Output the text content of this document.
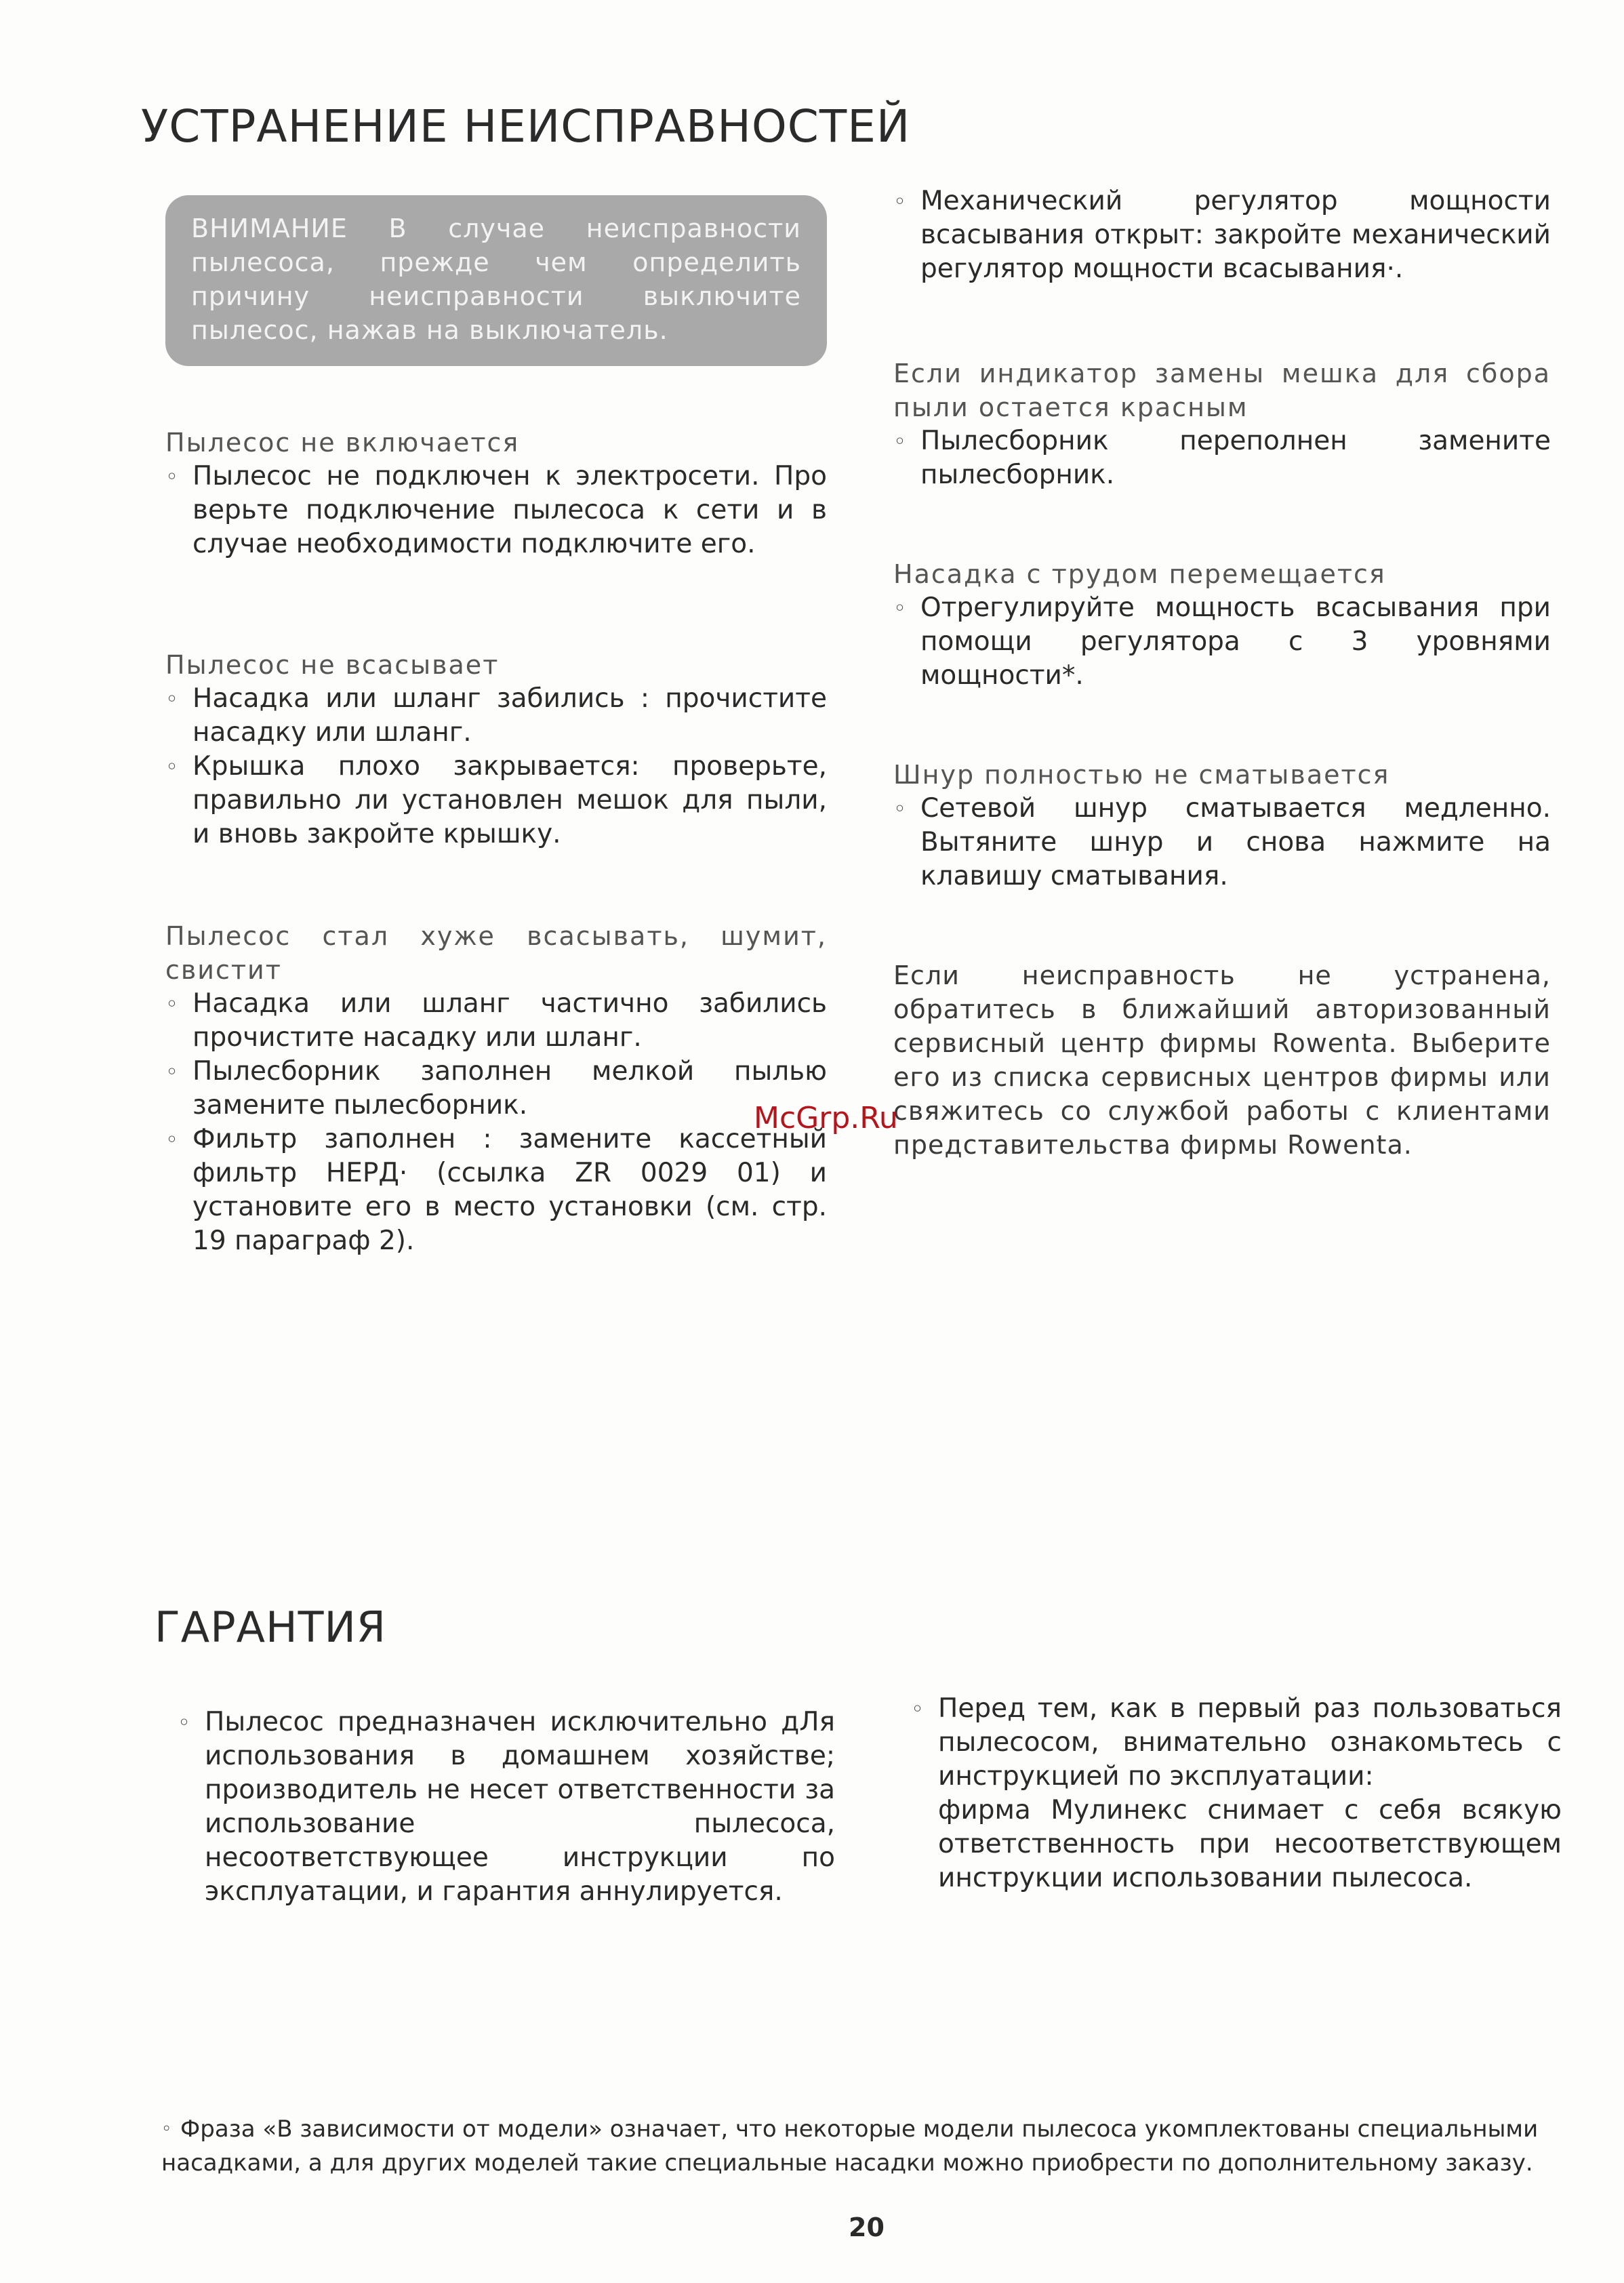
УСТРАНЕНИЕ НЕИСПРАВНОСТЕЙ
ВНИМАНИЕ В случае неисправности пылесоса, прежде чем определить причину неисправности выключите пылесос, нажав на выключатель.
Пылесос не включается
◦ Пылесос не подключен к электросети. Про верьте подключение пылесоса к сети и в случае необходимости подключите его.
Пылесос не всасывает
◦ Насадка или шланг забились : прочистите насадку или шланг.
◦ Крышка плохо закрывается: проверьте, правильно ли установлен мешок для пыли, и вновь закройте крышку.
Пылесос стал хуже всасывать, шумит, свистит
◦ Насадка или шланг частично забились прочистите насадку или шланг.
◦ Пылесборник заполнен мелкой пылью замените пылесборник.
◦ Фильтр заполнен : замените кассетный фильтр НЕРД· (ссылка ZR 0029 01) и установите его в место установки (см. стр. 19 параграф 2).
◦ Механический регулятор мощности всасывания открыт: закройте механический регулятор мощности всасывания·.
Если индикатор замены мешка для сбора пыли остается красным
◦ Пылесборник переполнен замените пылесборник.
Насадка с трудом перемещается
◦ Отрегулируйте мощность всасывания при помощи регулятора с 3 уровнями мощности*.
Шнур полностью не сматывается
◦ Сетевой шнур сматывается медленно. Вытяните шнур и снова нажмите на клавишу сматывания.
Если неисправность не устранена, обратитесь в ближайший авторизованный сервисный центр фирмы Rowenta. Выберите его из списка сервисных центров фирмы или свяжитесь со службой работы с клиентами представительства фирмы Rowenta.
McGrp.Ru
ГАРАНТИЯ
◦ Пылесос предназначен исключительно дЛя использования в домашнем хозяйстве; производитель не несет ответственности за использование пылесоса, несоответствующее инструкции по эксплуатации, и гарантия аннулируется.
◦ Перед тем, как в первый раз пользоваться пылесосом, внимательно ознакомьтесь с инструкцией по эксплуатации:
фирма Мулинекс снимает с себя всякую ответственность при несоответствующем инструкции использовании пылесоса.
◦ Фраза «В зависимости от модели» означает, что некоторые модели пылесоса укомплектованы специальными
насадками, а для других моделей такие специальные насадки можно приобрести по дополнительному заказу.
20
